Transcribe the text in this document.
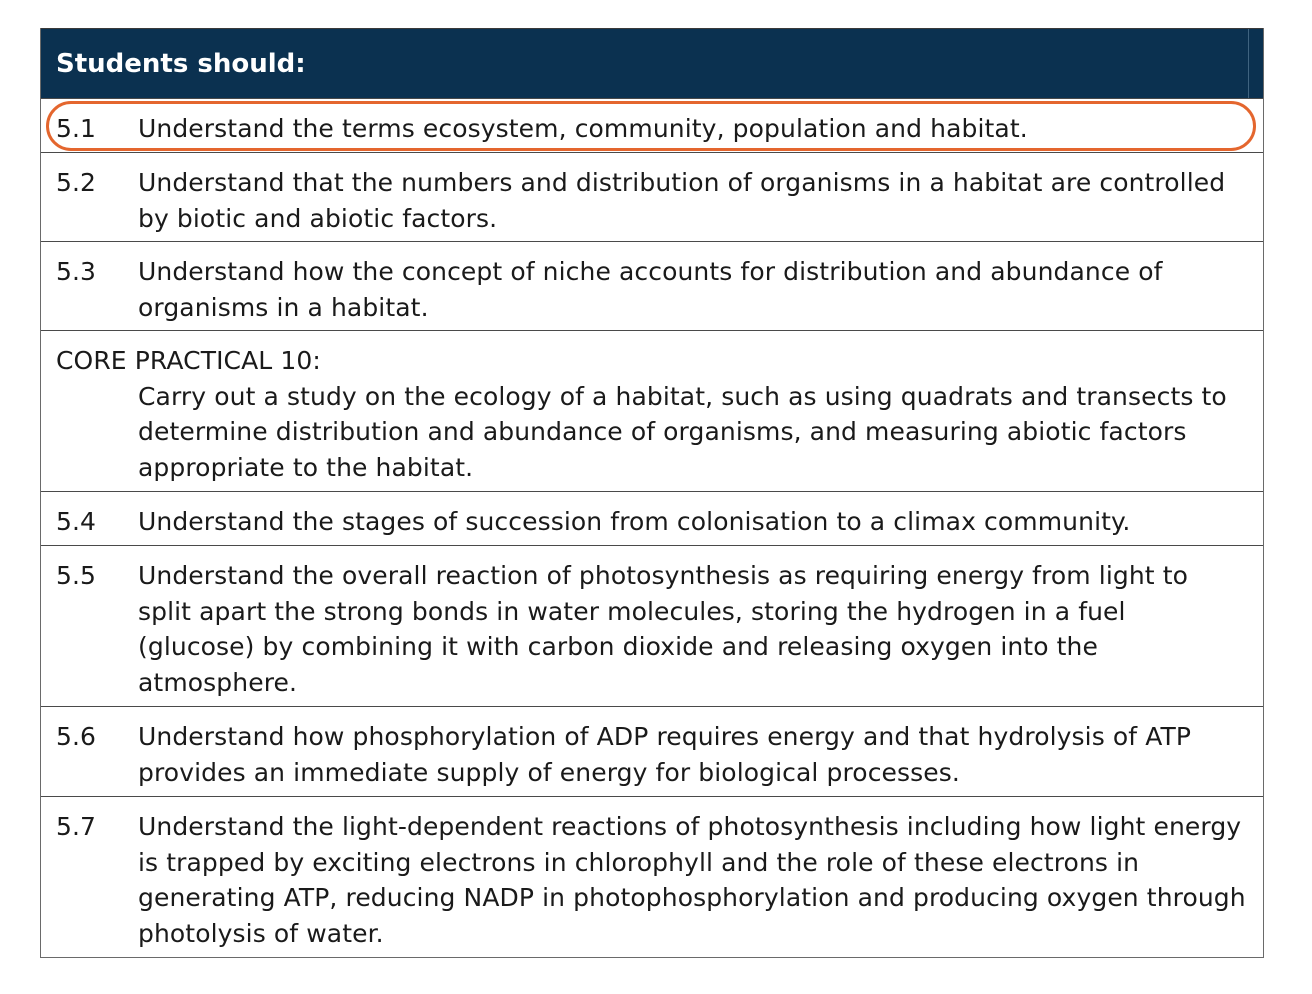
Students should:
5.1 Understand the terms ecosystem, community, population and habitat.
5.2 Understand that the numbers and distribution of organisms in a habitat are controlled by biotic and abiotic factors.
5.3 Understand how the concept of niche accounts for distribution and abundance of organisms in a habitat.
CORE PRACTICAL 10:
Carry out a study on the ecology of a habitat, such as using quadrats and transects to determine distribution and abundance of organisms, and measuring abiotic factors appropriate to the habitat.
5.4 Understand the stages of succession from colonisation to a climax community.
5.5 Understand the overall reaction of photosynthesis as requiring energy from light to split apart the strong bonds in water molecules, storing the hydrogen in a fuel (glucose) by combining it with carbon dioxide and releasing oxygen into the atmosphere.
5.6 Understand how phosphorylation of ADP requires energy and that hydrolysis of ATP provides an immediate supply of energy for biological processes.
5.7 Understand the light-dependent reactions of photosynthesis including how light energy is trapped by exciting electrons in chlorophyll and the role of these electrons in generating ATP, reducing NADP in photophosphorylation and producing oxygen through photolysis of water.
